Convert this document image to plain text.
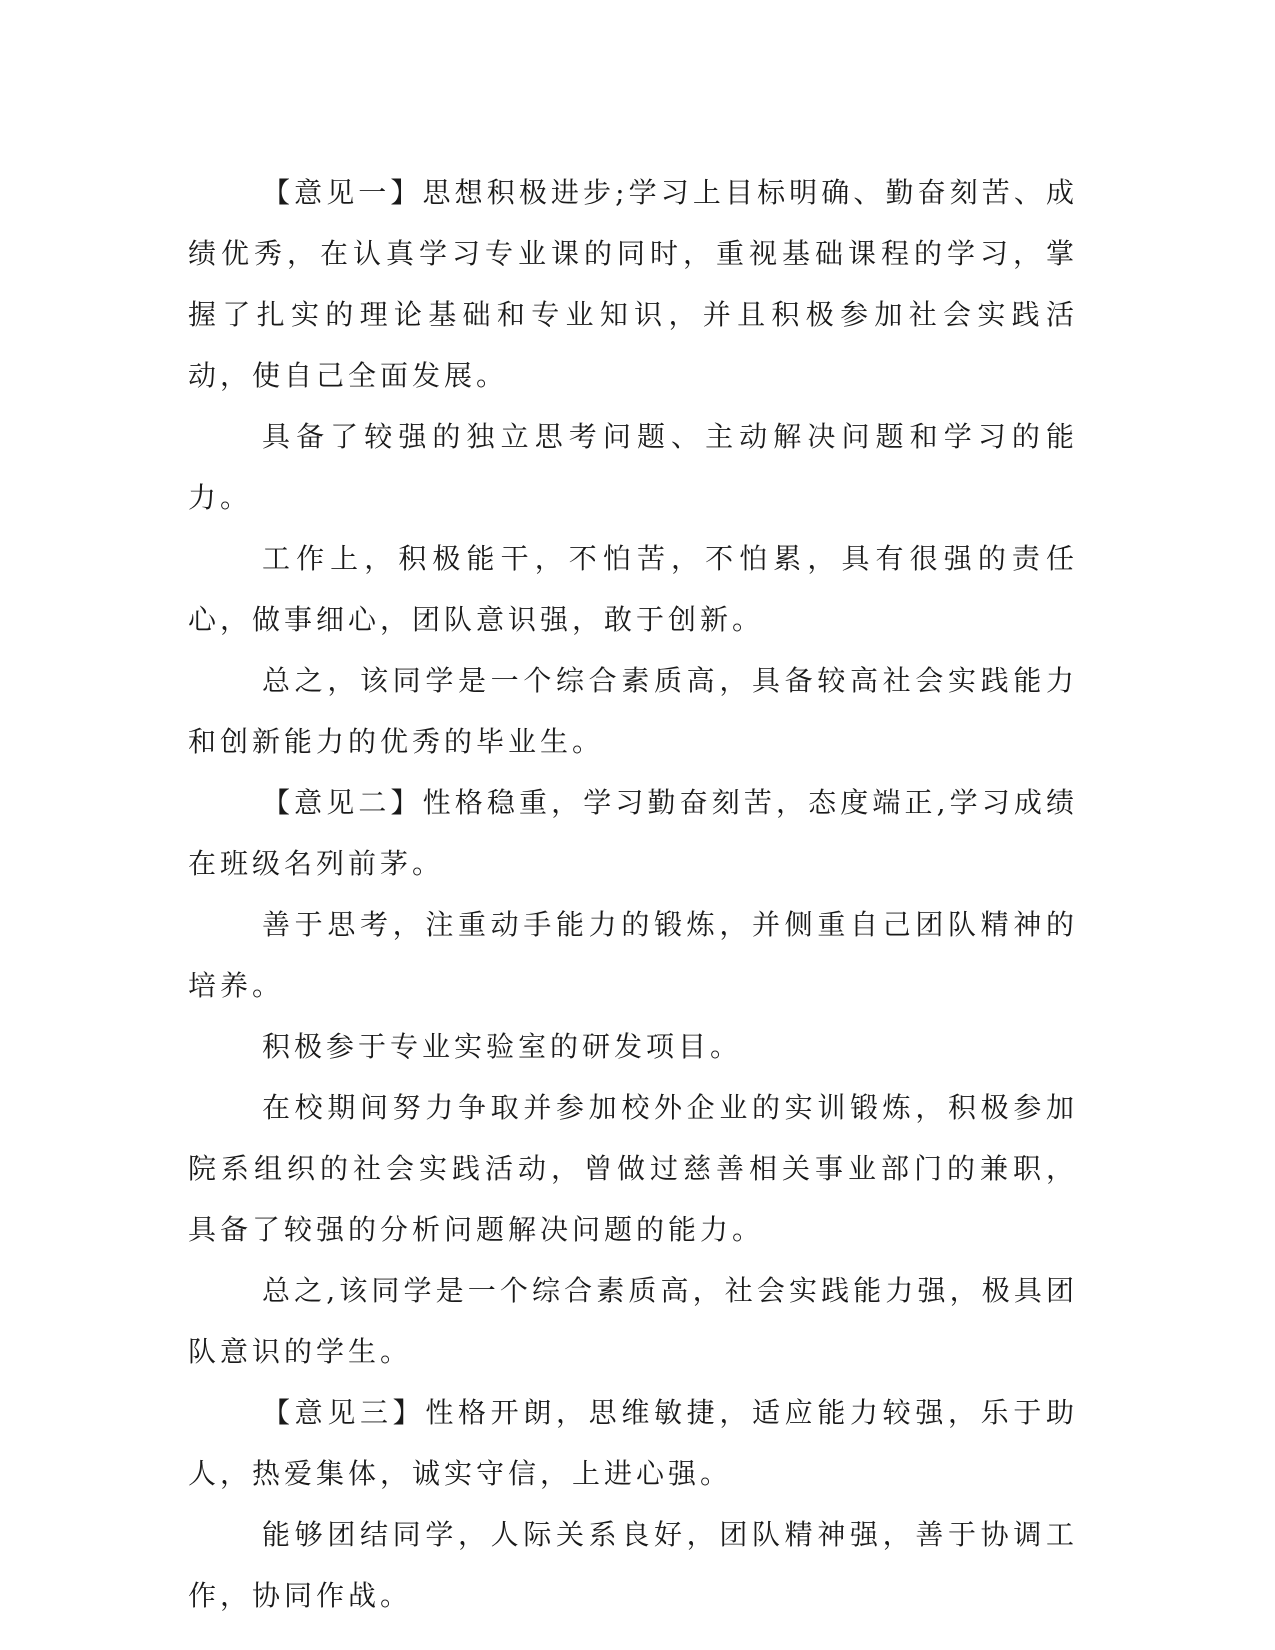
【意见一】思想积极进步;学习上目标明确、勤奋刻苦、成绩优秀，在认真学习专业课的同时，重视基础课程的学习，掌握了扎实的理论基础和专业知识，并且积极参加社会实践活动，使自己全面发展。

具备了较强的独立思考问题、主动解决问题和学习的能力。

工作上，积极能干，不怕苦，不怕累，具有很强的责任心，做事细心，团队意识强，敢于创新。

总之，该同学是一个综合素质高，具备较高社会实践能力和创新能力的优秀的毕业生。

【意见二】性格稳重，学习勤奋刻苦，态度端正,学习成绩在班级名列前茅。

善于思考，注重动手能力的锻炼，并侧重自己团队精神的培养。

积极参于专业实验室的研发项目。

在校期间努力争取并参加校外企业的实训锻炼，积极参加院系组织的社会实践活动，曾做过慈善相关事业部门的兼职，具备了较强的分析问题解决问题的能力。

总之,该同学是一个综合素质高，社会实践能力强，极具团队意识的学生。

【意见三】性格开朗，思维敏捷，适应能力较强，乐于助人，热爱集体，诚实守信，上进心强。

能够团结同学，人际关系良好，团队精神强，善于协调工作，协同作战。
